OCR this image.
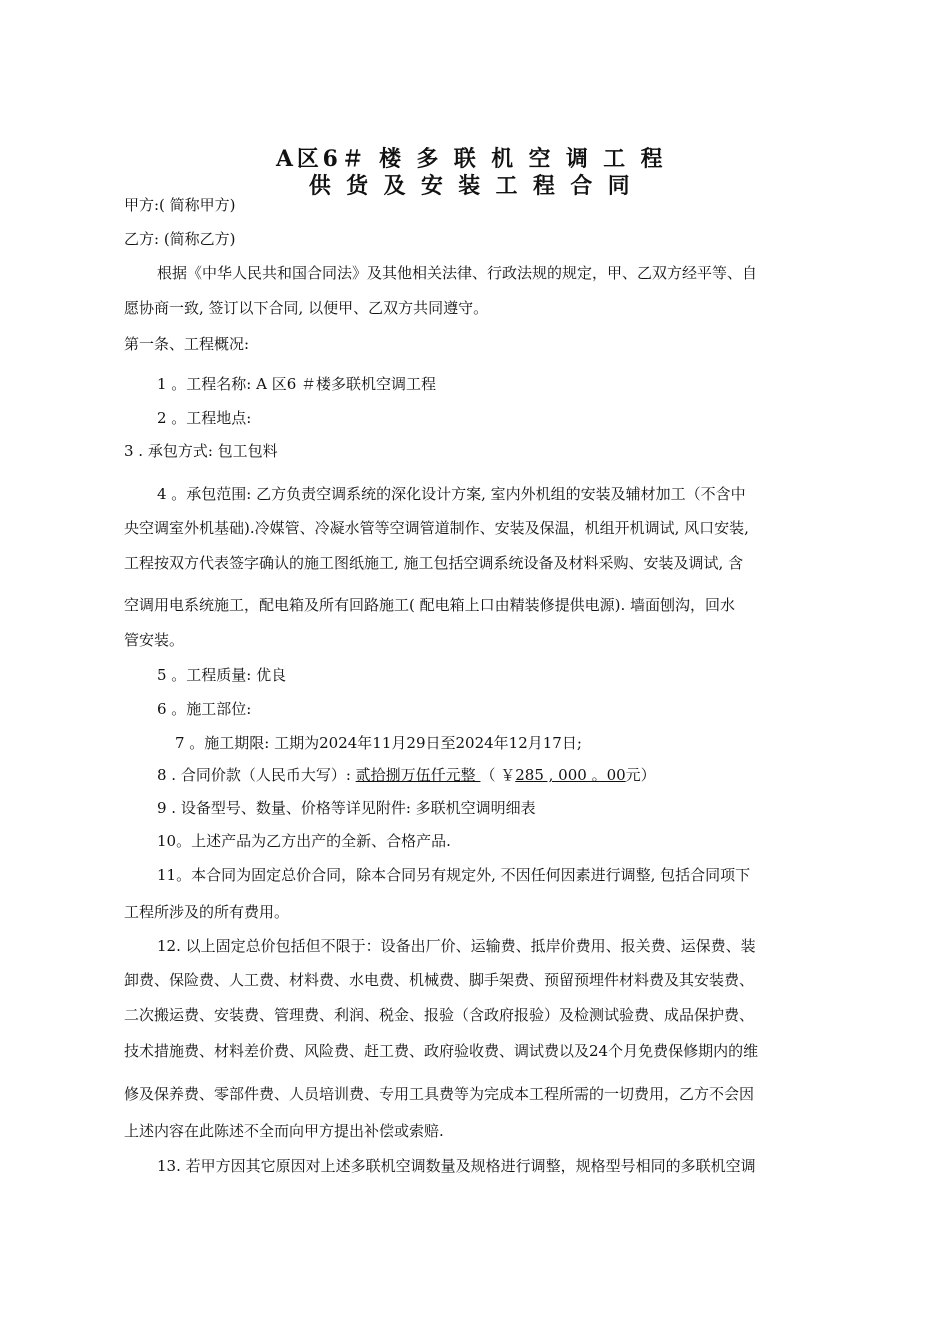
A区6＃ 楼 多 联 机 空 调 工 程
供 货 及 安 装 工 程 合 同
甲方:( 简称甲方)
乙方: (简称乙方)
根据《中华人民共和国合同法》及其他相关法律、行政法规的规定，甲、乙双方经平等、自
愿协商一致, 签订以下合同, 以便甲、乙双方共同遵守。
第一条、工程概况:
1 。工程名称: A 区6 ＃楼多联机空调工程
2 。工程地点:
3 . 承包方式: 包工包料
4 。承包范围: 乙方负责空调系统的深化设计方案, 室内外机组的安装及辅材加工（不含中
央空调室外机基础).冷媒管、冷凝水管等空调管道制作、安装及保温，机组开机调试, 风口安装,
工程按双方代表签字确认的施工图纸施工, 施工包括空调系统设备及材料采购、安装及调试, 含
空调用电系统施工，配电箱及所有回路施工( 配电箱上口由精装修提供电源). 墙面刨沟，回水
管安装。
5 。工程质量: 优良
6 。施工部位:
7 。施工期限: 工期为2024年11月29日至2024年12月17日;
8 . 合同价款（人民币大写）: 贰拾捌万伍仟元整 （ ￥285 , 000 。00元）
9 . 设备型号、数量、价格等详见附件: 多联机空调明细表
10。上述产品为乙方出产的全新、合格产品.
11。本合同为固定总价合同，除本合同另有规定外, 不因任何因素进行调整, 包括合同项下
工程所涉及的所有费用。
12. 以上固定总价包括但不限于：设备出厂价、运输费、抵岸价费用、报关费、运保费、装
卸费、保险费、人工费、材料费、水电费、机械费、脚手架费、预留预埋件材料费及其安装费、
二次搬运费、安装费、管理费、利润、税金、报验（含政府报验）及检测试验费、成品保护费、
技术措施费、材料差价费、风险费、赶工费、政府验收费、调试费以及24个月免费保修期内的维
修及保养费、零部件费、人员培训费、专用工具费等为完成本工程所需的一切费用，乙方不会因
上述内容在此陈述不全而向甲方提出补偿或索赔.
13. 若甲方因其它原因对上述多联机空调数量及规格进行调整，规格型号相同的多联机空调
